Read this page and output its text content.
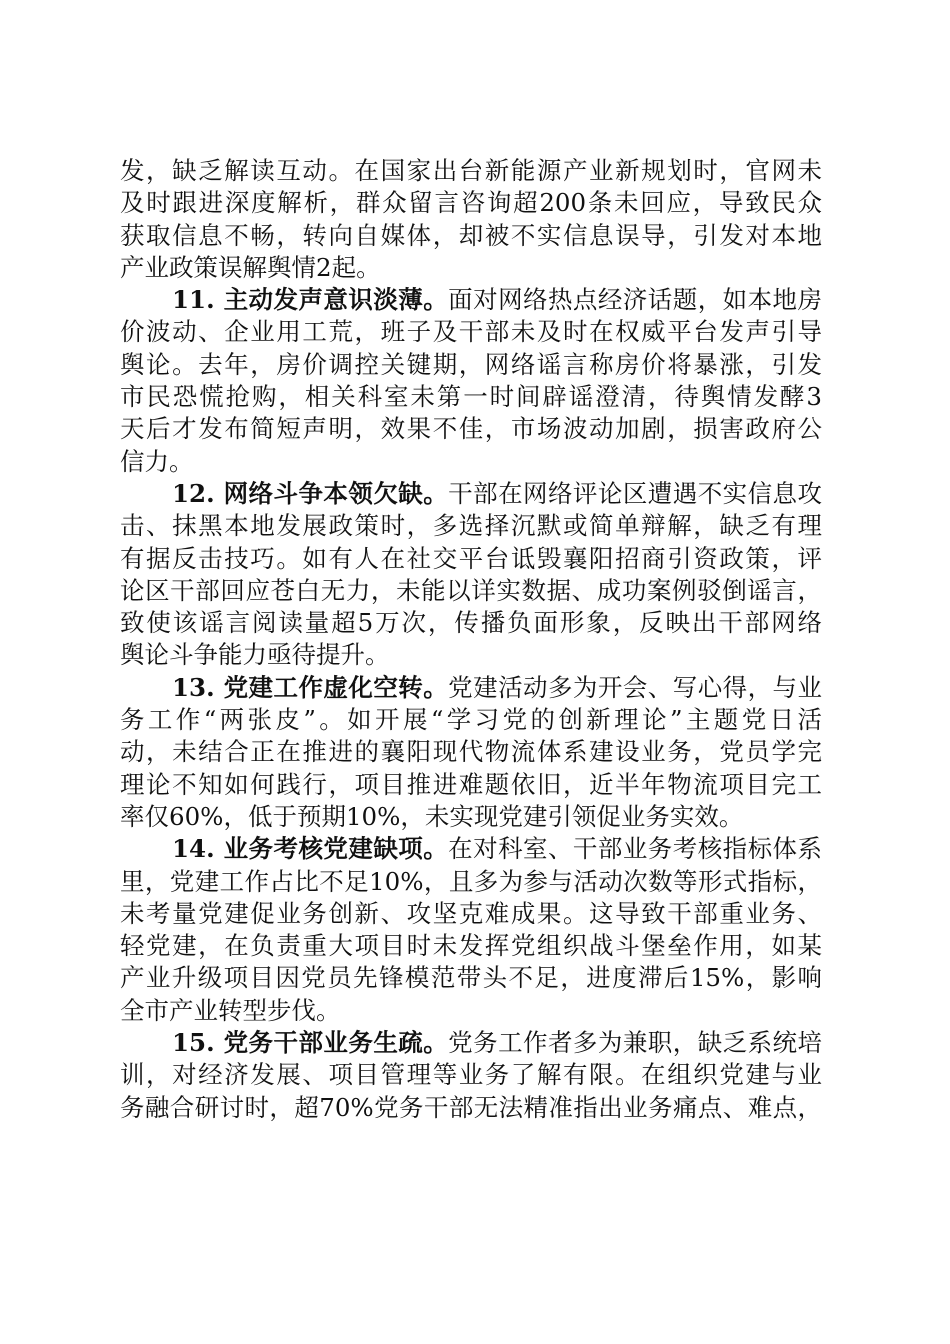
发，缺乏解读互动。在国家出台新能源产业新规划时，官网未
及时跟进深度解析，群众留言咨询超200条未回应，导致民众
获取信息不畅，转向自媒体，却被不实信息误导，引发对本地
产业政策误解舆情2起。
11. 主动发声意识淡薄。面对网络热点经济话题，如本地房
价波动、企业用工荒，班子及干部未及时在权威平台发声引导
舆论。去年，房价调控关键期，网络谣言称房价将暴涨，引发
市民恐慌抢购，相关科室未第一时间辟谣澄清，待舆情发酵3
天后才发布简短声明，效果不佳，市场波动加剧，损害政府公
信力。
12. 网络斗争本领欠缺。干部在网络评论区遭遇不实信息攻
击、抹黑本地发展政策时，多选择沉默或简单辩解，缺乏有理
有据反击技巧。如有人在社交平台诋毁襄阳招商引资政策，评
论区干部回应苍白无力，未能以详实数据、成功案例驳倒谣言，
致使该谣言阅读量超5万次，传播负面形象，反映出干部网络
舆论斗争能力亟待提升。
13. 党建工作虚化空转。党建活动多为开会、写心得，与业
务工作“两张皮”。如开展“学习党的创新理论”主题党日活
动，未结合正在推进的襄阳现代物流体系建设业务，党员学完
理论不知如何践行，项目推进难题依旧，近半年物流项目完工
率仅60%，低于预期10%，未实现党建引领促业务实效。
14. 业务考核党建缺项。在对科室、干部业务考核指标体系
里，党建工作占比不足10%，且多为参与活动次数等形式指标，
未考量党建促业务创新、攻坚克难成果。这导致干部重业务、
轻党建，在负责重大项目时未发挥党组织战斗堡垒作用，如某
产业升级项目因党员先锋模范带头不足，进度滞后15%，影响
全市产业转型步伐。
15. 党务干部业务生疏。党务工作者多为兼职，缺乏系统培
训，对经济发展、项目管理等业务了解有限。在组织党建与业
务融合研讨时，超70%党务干部无法精准指出业务痛点、难点，
